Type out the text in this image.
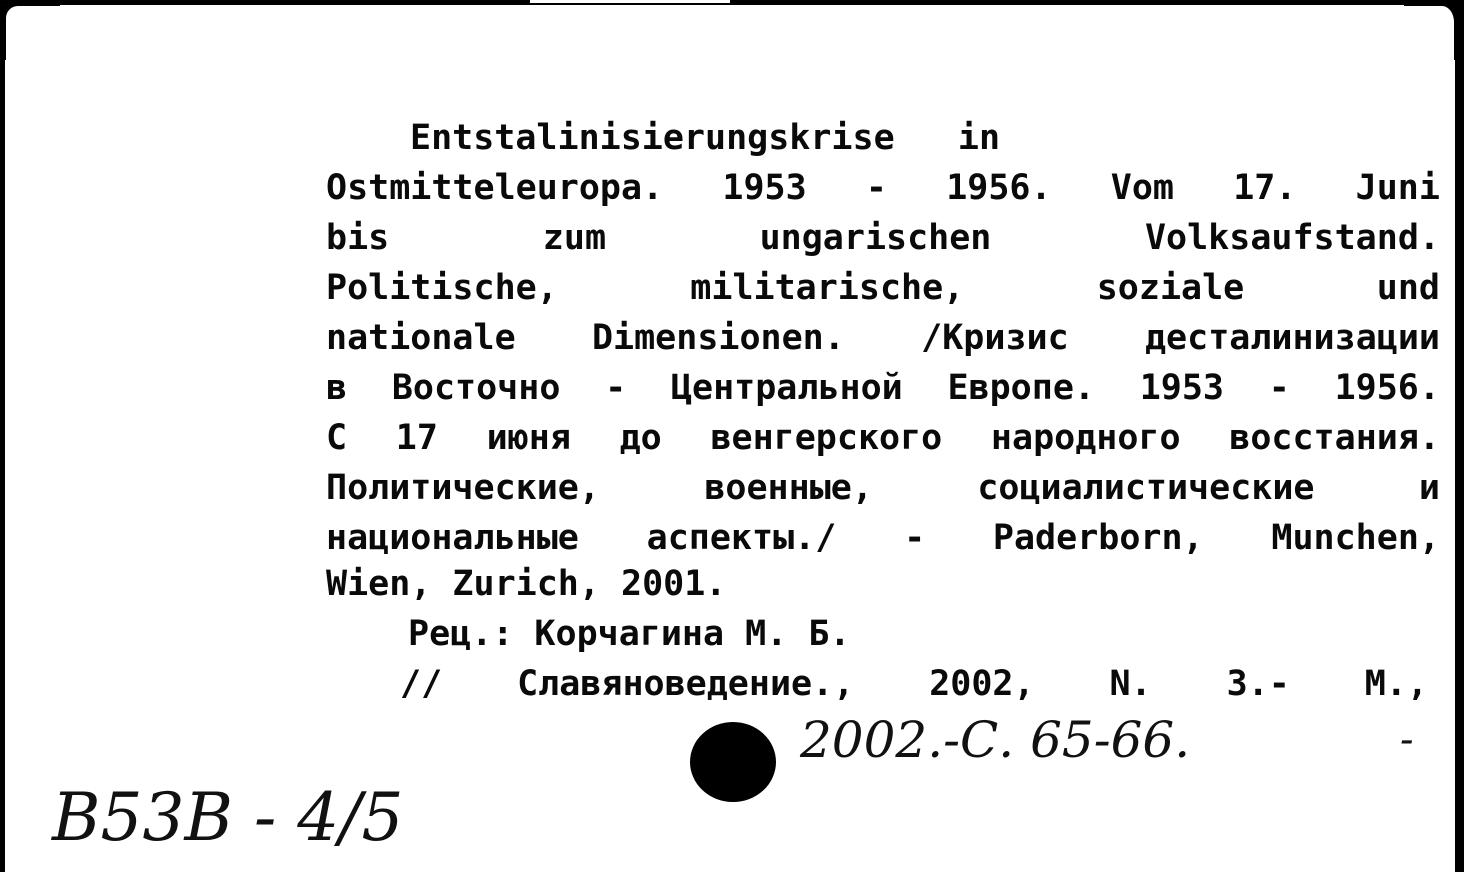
Entstalinisierungskrise   in
Ostmitteleuropa. 1953 - 1956. Vom 17. Juni
bis	zum	ungarischen	Volksaufstand.
Politische,	militarische,	soziale	und
nationale Dimensionen. /Кризис десталинизации
в Восточно - Центральной Европе. 1953 - 1956.
С 17 июня до венгерского народного восстания.
Политические,	военные,	социалистические	и
национальные аспекты./ - Paderborn, Munchen,
Wien, Zurich, 2001.
Рец.: Корчагина М. Б.
// Славяноведение., 2002, N. 3.- М.,
2002.-С. 65-66.	-
В53В - 4/5
